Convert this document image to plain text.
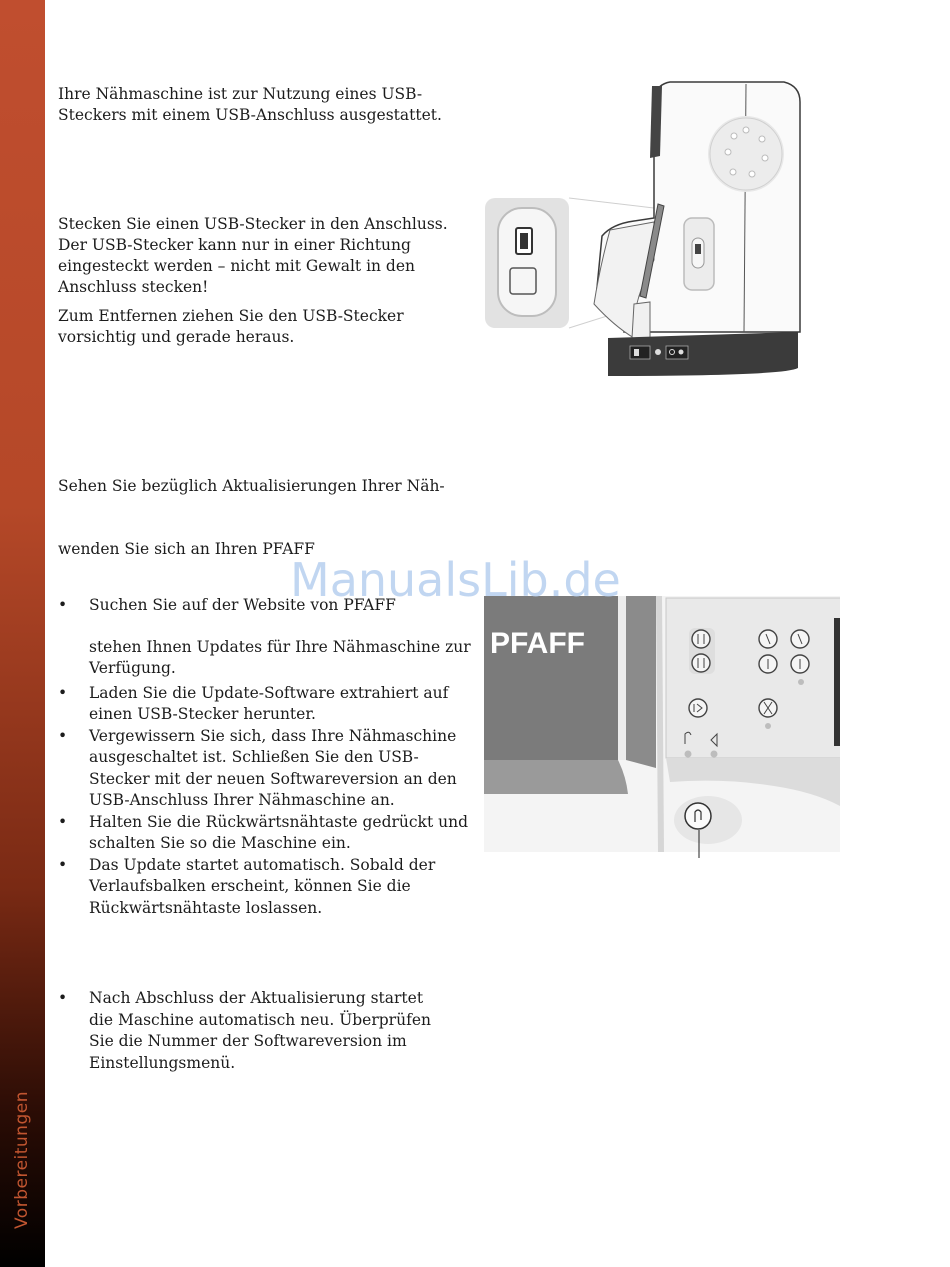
Vorbereitungen

Ihre Nähmaschine ist zur Nutzung eines USB-Steckers mit einem USB-Anschluss ausgestattet.

Stecken Sie einen USB-Stecker in den Anschluss. Der USB-Stecker kann nur in einer Richtung eingesteckt werden – nicht mit Gewalt in den Anschluss stecken!

Zum Entfernen ziehen Sie den USB-Stecker vorsichtig und gerade heraus.

Sehen Sie bezüglich Aktualisierungen Ihrer Näh-

wenden Sie sich an Ihren PFAFF

• Suchen Sie auf der Website von PFAFF
stehen Ihnen Updates für Ihre Nähmaschine zur Verfügung.
• Laden Sie die Update-Software extrahiert auf einen USB-Stecker herunter.
• Vergewissern Sie sich, dass Ihre Nähmaschine ausgeschaltet ist. Schließen Sie den USB-Stecker mit der neuen Softwareversion an den USB-Anschluss Ihrer Nähmaschine an.
• Halten Sie die Rückwärtsnähtaste gedrückt und schalten Sie so die Maschine ein.
• Das Update startet automatisch. Sobald der Verlaufsbalken erscheint, können Sie die Rückwärtsnähtaste loslassen.
• Nach Abschluss der Aktualisierung startet die Maschine automatisch neu. Überprüfen Sie die Nummer der Softwareversion im Einstellungsmenü.
PFAFF
ManualsLib.de
